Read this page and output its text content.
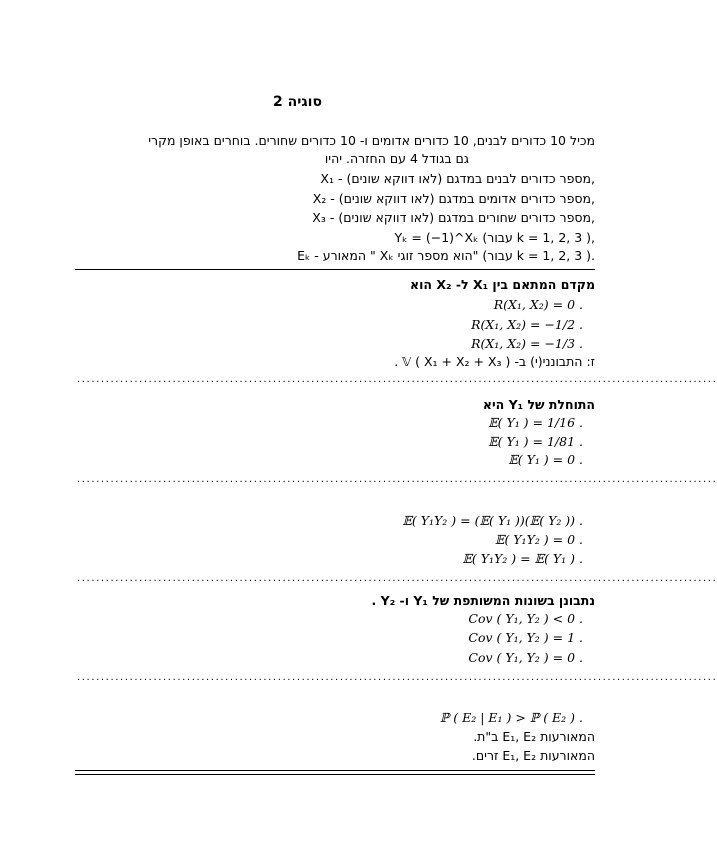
סוגיה 2
מכיל 10 כדורים לבנים, 10 כדורים אדומים ו- 10 כדורים שחורים. בוחרים באופן מקרי
גם בגודל 4 עם החזרה. יהיו
X₁ - מספר כדורים לבנים במדגם (לאו דווקא שונים),
X₂ - מספר כדורים אדומים במדגם (לאו דווקא שונים),
X₃ - מספר כדורים שחורים במדגם (לאו דווקא שונים),
Yₖ = (−1)^Xₖ (עבור k = 1, 2, 3 ),
Eₖ - המאורע " Xₖ הוא מספר זוגי" (עבור k = 1, 2, 3 ).
מקדם המתאם בין X₁ ל- X₂ הוא
R(X₁, X₂) = 0 .
R(X₁, X₂) = −1/2 .
R(X₁, X₂) = −1/3 .
ז: התבונני(י) ב- 𝕍 ( X₁ + X₂ + X₃ ) .
......................................................................................................................................
התוחלת של Y₁ היא
𝔼( Y₁ ) = 1/16 .
𝔼( Y₁ ) = 1/81 .
𝔼( Y₁ ) = 0 .
......................................................................................................................................
𝔼( Y₁Y₂ ) = (𝔼( Y₁ ))(𝔼( Y₂ )) .
𝔼( Y₁Y₂ ) = 0 .
𝔼( Y₁Y₂ ) = 𝔼( Y₁ ) .
......................................................................................................................................
נתבונן בשונות המשותפת של Y₁ ו- Y₂ .
Cov ( Y₁, Y₂ ) < 0 .
Cov ( Y₁, Y₂ ) = 1 .
Cov ( Y₁, Y₂ ) = 0 .
......................................................................................................................................
ℙ ( E₂ | E₁ ) > ℙ ( E₂ ) .
המאורעות E₁, E₂ ב"ת.
המאורעות E₁, E₂ זרים.
